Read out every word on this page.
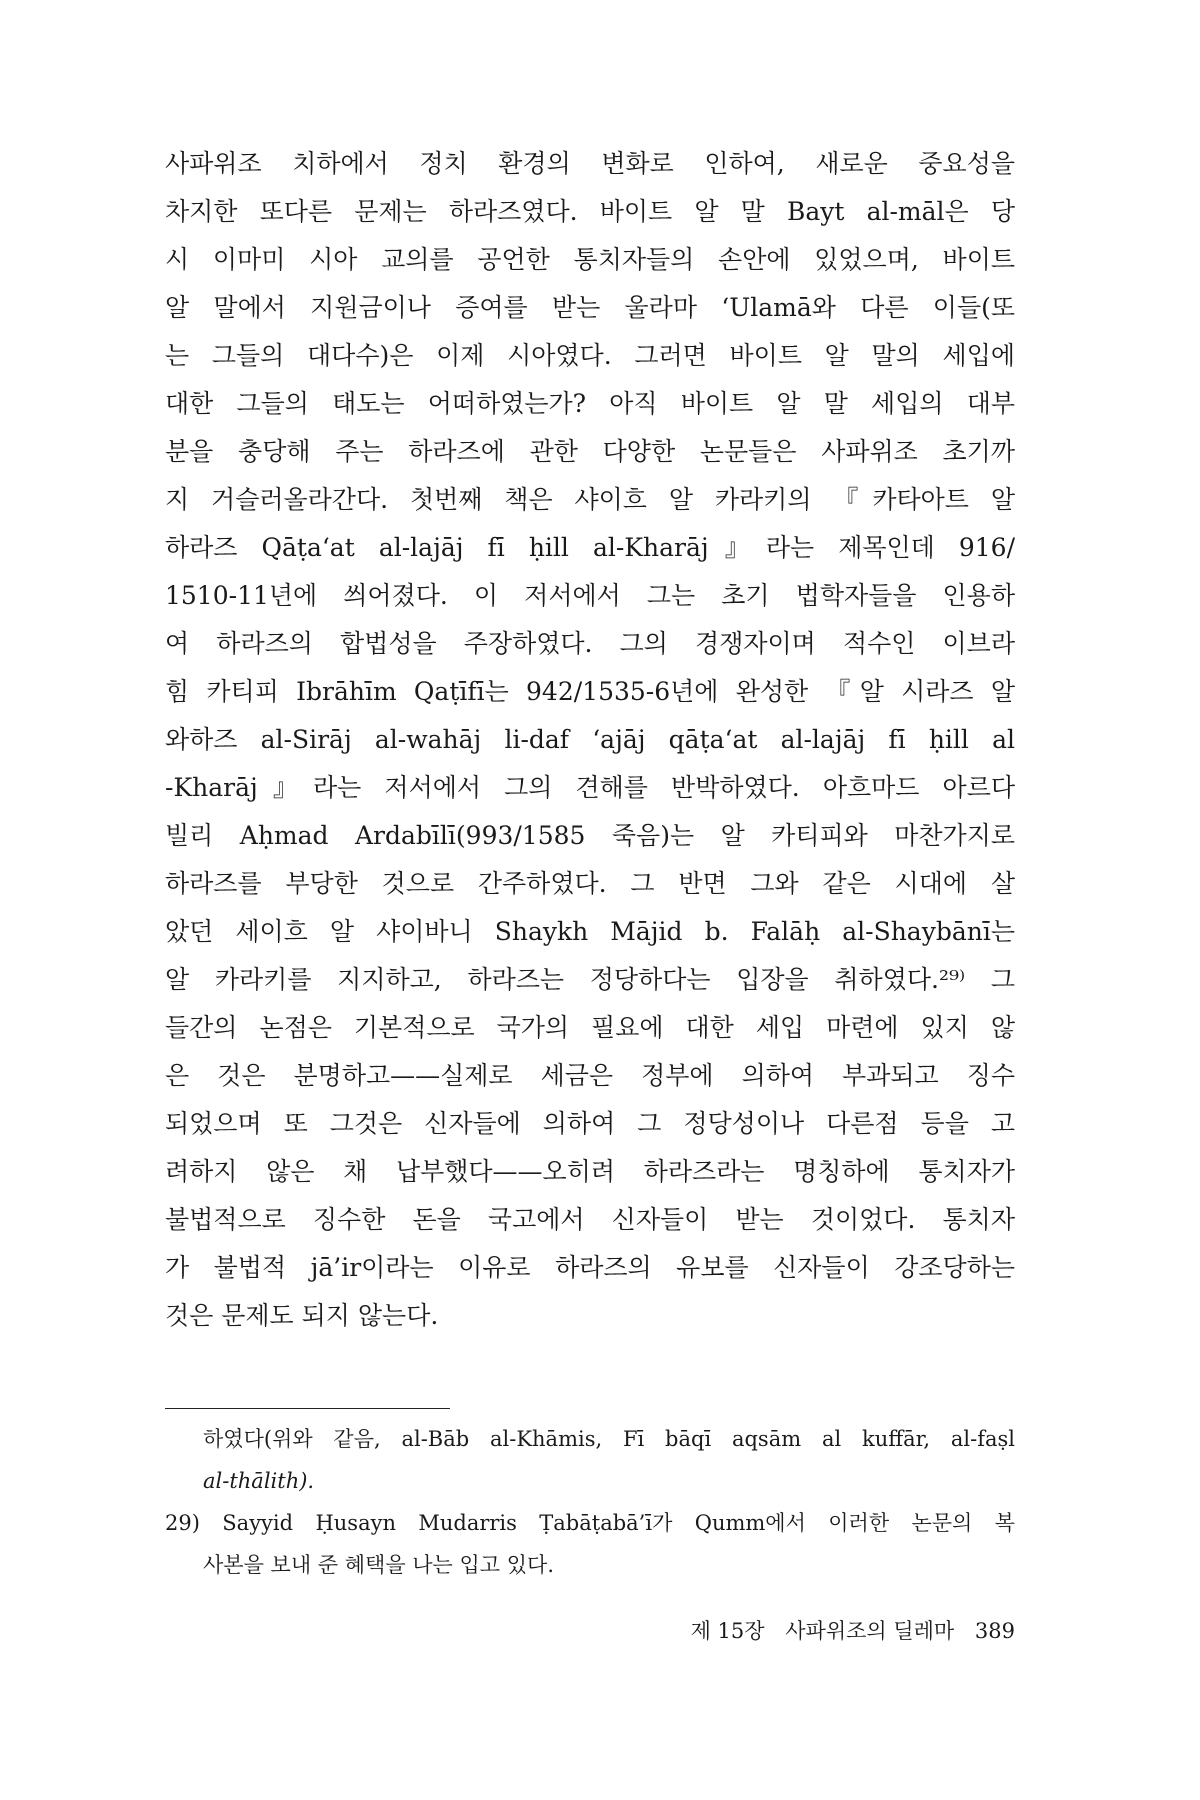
사파위조 치하에서 정치 환경의 변화로 인하여, 새로운 중요성을
차지한 또다른 문제는 하라즈였다. 바이트 알 말 Bayt al-māl은 당
시 이마미 시아 교의를 공언한 통치자들의 손안에 있었으며, 바이트
알 말에서 지원금이나 증여를 받는 울라마 ‘Ulamā와 다른 이들(또
는 그들의 대다수)은 이제 시아였다. 그러면 바이트 알 말의 세입에
대한 그들의 태도는 어떠하였는가? 아직 바이트 알 말 세입의 대부
분을 충당해 주는 하라즈에 관한 다양한 논문들은 사파위조 초기까
지 거슬러올라간다. 첫번째 책은 샤이흐 알 카라키의 『카타아트 알
하라즈 Qāṭa‘at al-lajāj fī ḥill al-Kharāj』라는 제목인데 916/
1510-11년에 씌어졌다. 이 저서에서 그는 초기 법학자들을 인용하
여 하라즈의 합법성을 주장하였다. 그의 경쟁자이며 적수인 이브라
힘 카티피 Ibrāhīm Qaṭīfī는 942/1535-6년에 완성한 『알 시라즈 알
와하즈 al-Sirāj al-wahāj li-daf ‘ajāj qāṭa‘at al-lajāj fī ḥill al
-Kharāj』라는 저서에서 그의 견해를 반박하였다. 아흐마드 아르다
빌리 Aḥmad Ardabīlī(993/1585 죽음)는 알 카티피와 마찬가지로
하라즈를 부당한 것으로 간주하였다. 그 반면 그와 같은 시대에 살
았던 세이흐 알 샤이바니 Shaykh Mājid b. Falāḥ al-Shaybānī는
알 카라키를 지지하고, 하라즈는 정당하다는 입장을 취하였다.²⁹⁾ 그
들간의 논점은 기본적으로 국가의 필요에 대한 세입 마련에 있지 않
은 것은 분명하고——실제로 세금은 정부에 의하여 부과되고 징수
되었으며 또 그것은 신자들에 의하여 그 정당성이나 다른점 등을 고
려하지 않은 채 납부했다——오히려 하라즈라는 명칭하에 통치자가
불법적으로 징수한 돈을 국고에서 신자들이 받는 것이었다. 통치자
가 불법적 jā’ir이라는 이유로 하라즈의 유보를 신자들이 강조당하는
것은 문제도 되지 않는다.
하였다(위와 같음, al-Bāb al-Khāmis, Fī bāqī aqsām al kuffār, al-faṣl
al-thālith).
29) Sayyid Ḥusayn Mudarris Ṭabāṭabā’ī가 Qumm에서 이러한 논문의 복
사본을 보내 준 혜택을 나는 입고 있다.
제 15장 사파위조의 딜레마 389
